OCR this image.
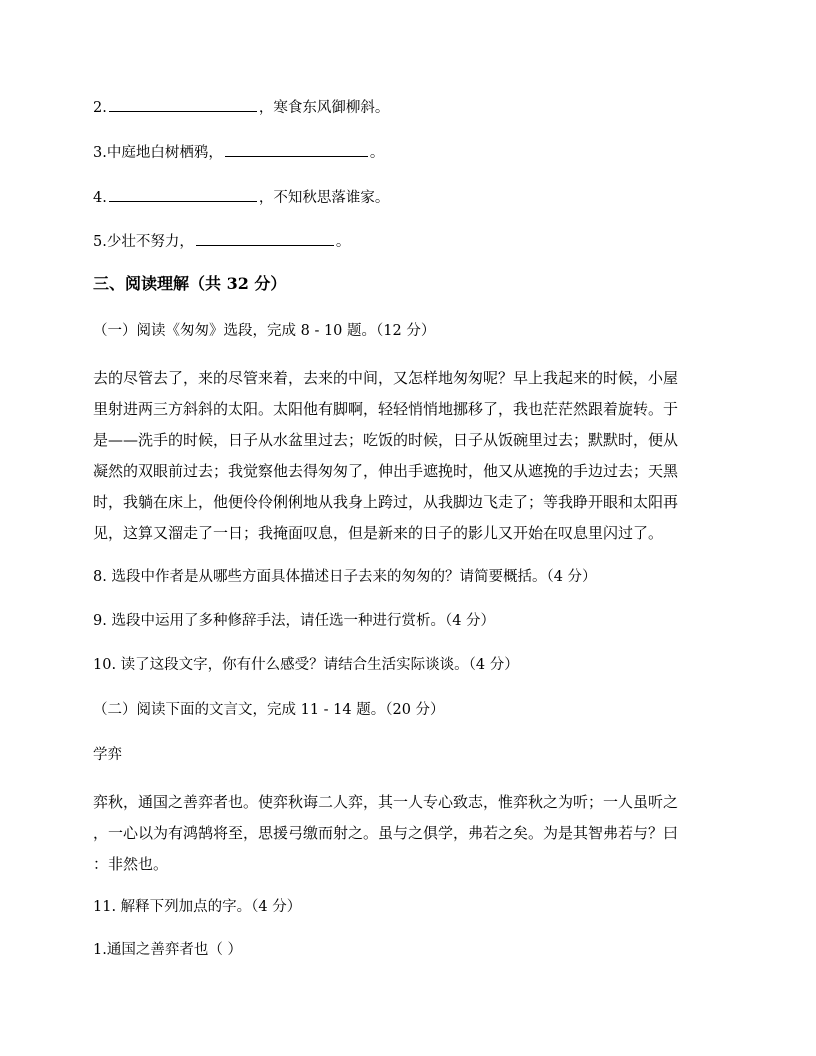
2.	，寒食东风御柳斜。
3.中庭地白树栖鸦，	。
4.	，不知秋思落谁家。
5.少壮不努力，	。
三、阅读理解（共 32 分）
（一）阅读《匆匆》选段，完成 8 - 10 题。（12 分）
去的尽管去了，来的尽管来着，去来的中间，又怎样地匆匆呢？早上我起来的时候，小屋
里射进两三方斜斜的太阳。太阳他有脚啊，轻轻悄悄地挪移了，我也茫茫然跟着旋转。于
是——洗手的时候，日子从水盆里过去；吃饭的时候，日子从饭碗里过去；默默时，便从
凝然的双眼前过去；我觉察他去得匆匆了，伸出手遮挽时，他又从遮挽的手边过去；天黑
时，我躺在床上，他便伶伶俐俐地从我身上跨过，从我脚边飞走了；等我睁开眼和太阳再
见，这算又溜走了一日；我掩面叹息，但是新来的日子的影儿又开始在叹息里闪过了。
8. 选段中作者是从哪些方面具体描述日子去来的匆匆的？请简要概括。（4 分）
9. 选段中运用了多种修辞手法，请任选一种进行赏析。（4 分）
10. 读了这段文字，你有什么感受？请结合生活实际谈谈。（4 分）
（二）阅读下面的文言文，完成 11 - 14 题。（20 分）
学弈
弈秋，通国之善弈者也。使弈秋诲二人弈，其一人专心致志，惟弈秋之为听；一人虽听之
，一心以为有鸿鹄将至，思援弓缴而射之。虽与之俱学，弗若之矣。为是其智弗若与？曰
：非然也。
11. 解释下列加点的字。（4 分）
1.通国之善弈者也（ ）
